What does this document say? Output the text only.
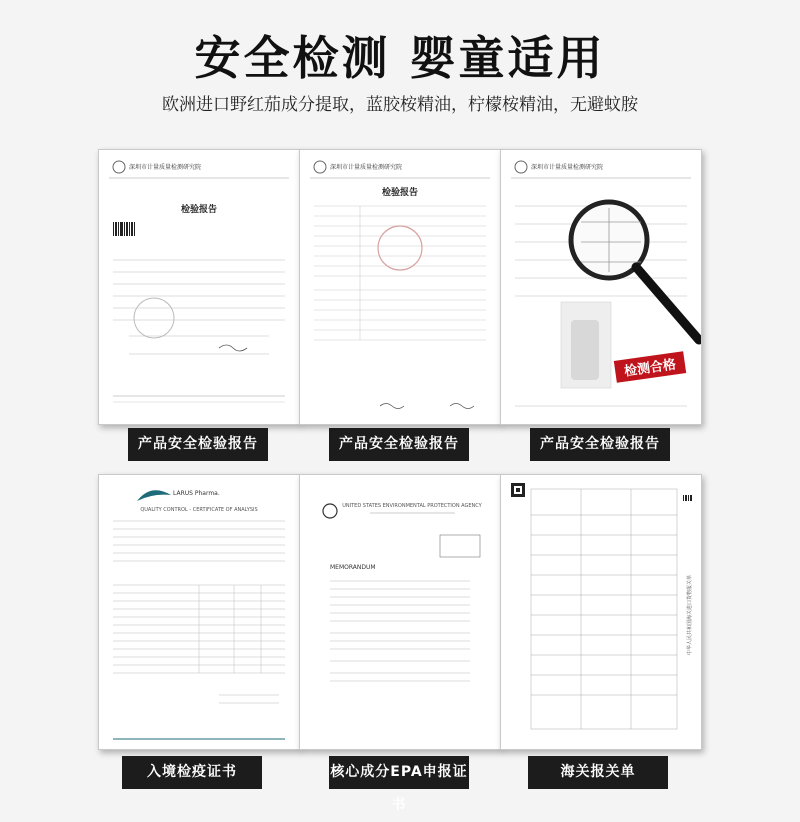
安全检测 婴童适用
欧洲进口野红茄成分提取，蓝胶桉精油，柠檬桉精油，无避蚊胺
深圳市计量质量检测研究院
检验报告
产品安全检验报告
深圳市计量质量检测研究院
检验报告
产品安全检验报告
深圳市计量质量检测研究院
检测合格
产品安全检验报告
LARUS Pharma.
QUALITY CONTROL - CERTIFICATE OF ANALYSIS
入境检疫证书
UNITED STATES ENVIRONMENTAL PROTECTION AGENCY
MEMORANDUM
核心成分EPA申报证书
中华人民共和国海关进口货物报关单
海关报关单
